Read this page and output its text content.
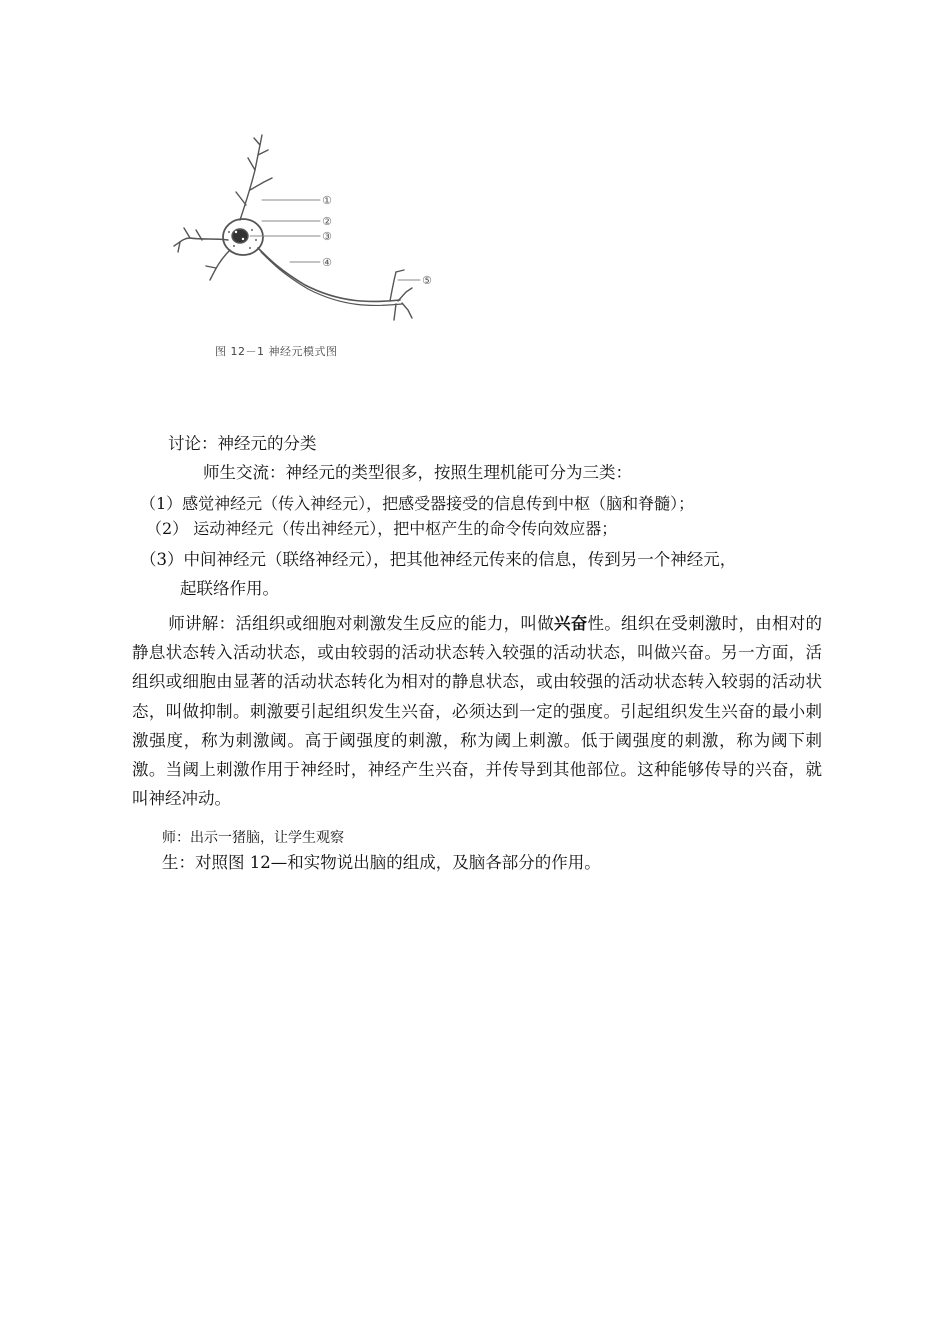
①
②
③
④
⑤
图 12－1 神经元模式图
讨论：神经元的分类
师生交流：神经元的类型很多，按照生理机能可分为三类：
（1）感觉神经元（传入神经元），把感受器接受的信息传到中枢（脑和脊髓）；
（2） 运动神经元（传出神经元），把中枢产生的命令传向效应器；
（3）中间神经元（联络神经元），把其他神经元传来的信息，传到另一个神经元，
起联络作用。
师讲解：活组织或细胞对刺激发生反应的能力，叫做兴奋性。组织在受刺激时，由相对的静息状态转入活动状态，或由较弱的活动状态转入较强的活动状态，叫做兴奋。另一方面，活组织或细胞由显著的活动状态转化为相对的静息状态，或由较强的活动状态转入较弱的活动状态，叫做抑制。刺激要引起组织发生兴奋，必须达到一定的强度。引起组织发生兴奋的最小刺激强度，称为刺激阈。高于阈强度的刺激，称为阈上刺激。低于阈强度的刺激，称为阈下刺激。当阈上刺激作用于神经时，神经产生兴奋，并传导到其他部位。这种能够传导的兴奋，就叫神经冲动。
师：出示一猪脑，让学生观察
生：对照图 12—和实物说出脑的组成，及脑各部分的作用。
